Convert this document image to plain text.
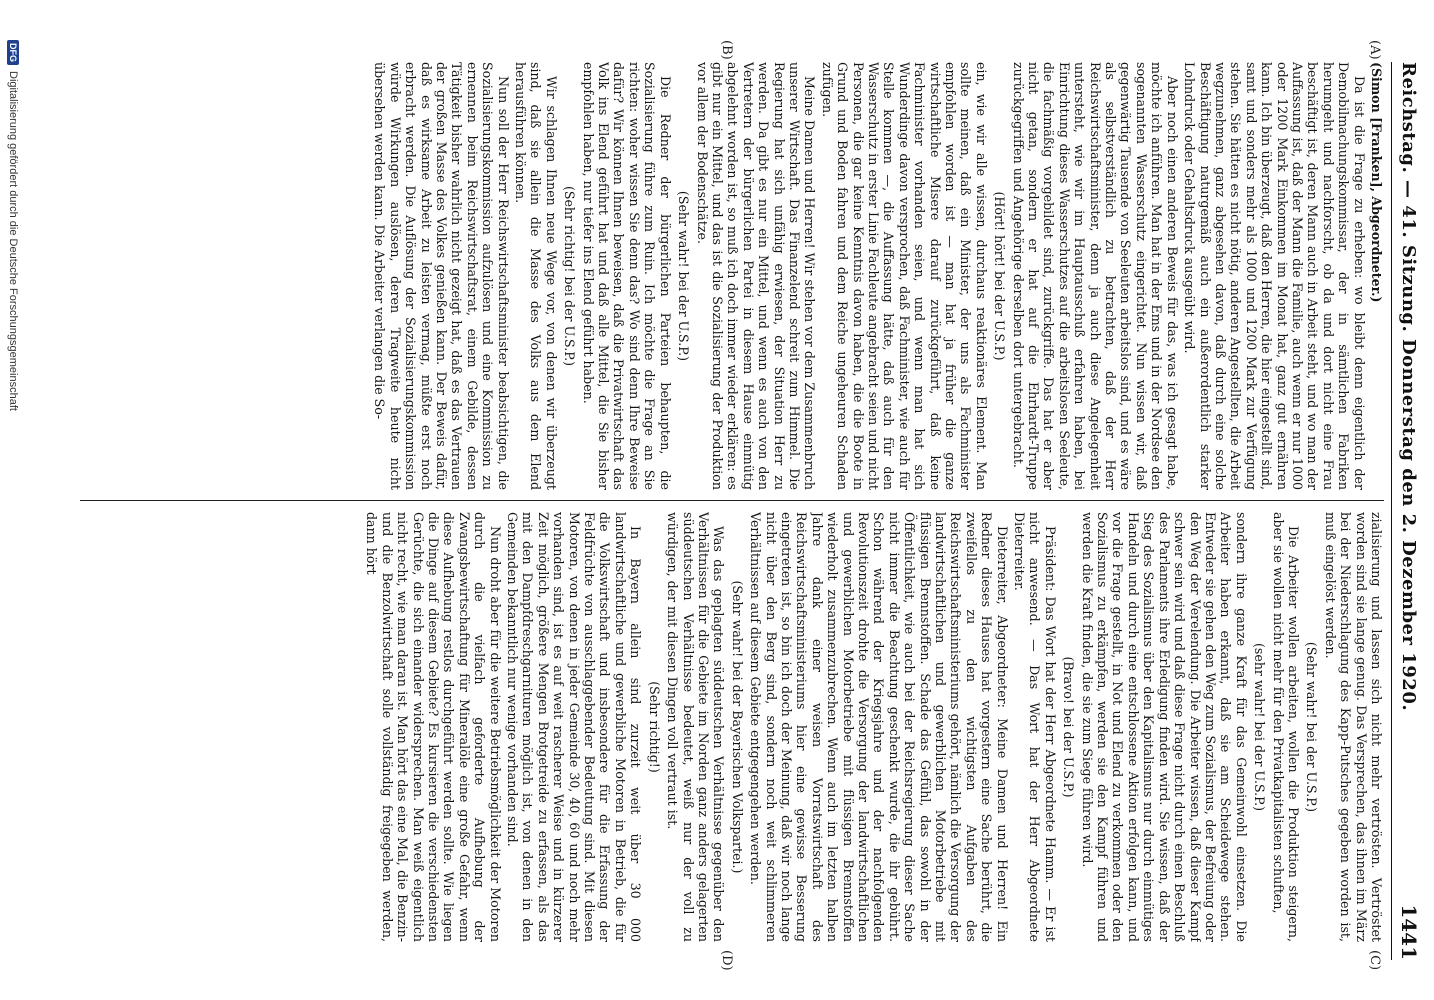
Reichstag. — 41. Sitzung. Donnerstag den 2. Dezember 1920.
1441
(A)
(B)
(C)
(D)

(Simon [Franken], Abgeordneter.)

Da ist die Frage zu erheben: wo bleibt denn eigentlich der Demobilmachungskommissar, der in sämtlichen Fabriken herumgeht und nachforscht, ob da und dort nicht eine Frau beschäftigt ist, deren Mann auch in Arbeit steht, und wo man der Auffassung ist, daß der Mann die Familie, auch wenn er nur 1000 oder 1200 Mark Einkommen im Monat hat, ganz gut ernähren kann. Ich bin überzeugt, daß den Herren, die hier eingestellt sind, samt und sonders mehr als 1000 und 1200 Mark zur Verfügung stehen. Sie hätten es nicht nötig, anderen Angestellten, die Arbeit wegzunehmen, ganz abgesehen davon, daß durch eine solche Beschäftigung naturgemäß auch ein außerordentlich starker Lohndruck oder Gehaltsdruck ausgeübt wird.

Aber noch einen anderen Beweis für das, was ich gesagt habe, möchte ich anführen. Man hat in der Ems und in der Nordsee den sogenannten Wasserschutz eingerichtet. Nun wissen wir, daß gegenwärtig Tausende von Seeleuten arbeitslos sind, und es wäre als selbstverständlich zu betrachten, daß der Herr Reichswirtschaftsminister, denn ja auch diese Angelegenheit untersteht, wie wir im Hauptausschuß erfahren haben, bei Einrichtung dieses Wasserschutzes auf die arbeitslosen Seeleute, die fachmäßig vorgebildet sind, zurückgriffe. Das hat er aber nicht getan, sondern er hat auf die Ehrhardt-Truppe zurückgegriffen und Angehörige derselben dort untergebracht.

(Hört! hört! bei der U.S.P.)

ein, wie wir alle wissen, durchaus reaktionäres Element. Man sollte meinen, daß ein Minister, der uns als Fachminister empfohlen worden ist — man hat ja früher die ganze wirtschaftliche Misere darauf zurückgeführt, daß keine Fachminister vorhanden seien, und wenn man hat sich Wunderdinge davon versprochen, daß Fachminister, wie auch für Stelle kommen —, die Auffassung hätte, daß auch für den Wasserschutz in erster Linie Fachleute angebracht seien und nicht Personen, die gar keine Kenntnis davon haben, die die Boote in Grund und Boden fahren und dem Reiche ungeheuren Schaden zufügen.

Meine Damen und Herren! Wir stehen vor dem Zusammenbruch unserer Wirtschaft. Das Finanzelend schreit zum Himmel. Die Regierung hat sich unfähig erwiesen, der Situation Herr zu werden. Da gibt es nur ein Mittel, und wenn es auch von den Vertretern der bürgerlichen Partei in diesem Hause einmütig abgelehnt worden ist, so muß ich doch immer wieder erklären: es gibt nur ein Mittel, und das ist die Sozialisierung der Produktion vor allem der Bodenschätze.

(Sehr wahr! bei der U.S.P.)

Die Redner der bürgerlichen Parteien behaupten, die Sozialisierung führe zum Ruin. Ich möchte die Frage an Sie richten: woher wissen Sie denn das? Wo sind denn Ihre Beweise dafür? Wir können Ihnen beweisen, daß die Privatwirtschaft das Volk ins Elend geführt hat und daß alle Mittel, die Sie bisher empfohlen haben, nur tiefer ins Elend geführt haben.

(Sehr richtig! bei der U.S.P.)

Wir schlagen Ihnen neue Wege vor, von denen wir überzeugt sind, daß sie allein die Masse des Volks aus dem Elend herausführen können.

Nun soll der Herr Reichswirtschaftsminister beabsichtigen, die Sozialisierungskommission aufzulösen und eine Kommission zu ernennen beim Reichswirtschaftsrat, einem Gebilde, dessen Tätigkeit bisher wahrlich nicht gezeigt hat, daß es das Vertrauen der großen Masse des Volkes genießen kann. Der Beweis dafür, daß es wirksame Arbeit zu leisten vermag, müßte erst noch erbracht werden. Die Auflösung der Sozialisierungskommission würde Wirkungen auslösen, deren Tragweite heute nicht übersehen werden kann. Die Arbeiter verlangen die So-

zialisierung und lassen sich nicht mehr vertrösten. Vertröstet worden sind sie lange genug. Das Versprechen, das ihnen im März bei der Niederschlagung des Kapp-Putsches gegeben worden ist, muß eingelöst werden.

(Sehr wahr! bei der U.S.P.)

Die Arbeiter wollen arbeiten, wollen die Produktion steigern, aber sie wollen nicht mehr für den Privatkapitalisten schuften,

(sehr wahr! bei der U.S.P.)

sondern ihre ganze Kraft für das Gemeinwohl einsetzen. Die Arbeiter haben erkannt, daß sie am Scheidewege stehen. Entweder sie gehen den Weg zum Sozialismus, der Befreiung oder den Weg der Verelendung. Die Arbeiter wissen, daß dieser Kampf schwer sein wird und daß diese Frage nicht durch einen Beschluß des Parlaments ihre Erledigung finden wird. Sie wissen, daß der Sieg des Sozialismus über den Kapitalismus nur durch einmütiges Handeln und durch eine entschlossene Aktion erfolgen kann, und vor die Frage gestellt, in Not und Elend zu verkommen oder den Sozialismus zu erkämpfen, werden sie den Kampf führen und werden die Kraft finden, die sie zum Siege führen wird.

(Bravo! bei der U.S.P.)

Präsident: Das Wort hat der Herr Abgeordnete Hamm. — Er ist nicht anwesend. — Das Wort hat der Herr Abgeordnete Dieterreiter.

Dieterreiter, Abgeordneter: Meine Damen und Herren! Ein Redner dieses Hauses hat vorgestern eine Sache berührt, die zweifellos zu den wichtigsten Aufgaben des Reichswirtschaftsministeriums gehört, nämlich die Versorgung der landwirtschaftlichen und gewerblichen Motorbetriebe mit flüssigen Brennstoffen. Schade das Gefühl, das sowohl in der Öffentlichkeit, wie auch bei der Reichsregierung dieser Sache nicht immer die Beachtung geschenkt wurde, die ihr gebührt. Schon während der Kriegsjahre und der nachfolgenden Revolutionszeit drohte die Versorgung der landwirtschaftlichen und gewerblichen Motorbetriebe mit flüssigen Brennstoffen wiederholt zusammenzubrechen. Wenn auch im letzten halben Jahre dank einer weisen Vorratswirtschaft des Reichswirtschaftsministeriums hier eine gewisse Besserung eingetreten ist, so bin ich doch der Meinung, daß wir noch lange nicht über den Berg sind, sondern noch weit schlimmeren Verhältnissen auf diesem Gebiete entgegengehen werden.

(Sehr wahr! bei der Bayerischen Volkspartei.)

Was das geplagten süddeutschen Verhältnisse gegenüber den Verhältnissen für die Gebiete im Norden ganz anders gelagerten süddeutschen Verhältnisse bedeutet, weiß nur der voll zu würdigen, der mit diesen Dingen voll vertraut ist.

(Sehr richtig!)

In Bayern allein sind zurzeit weit über 30 000 landwirtschaftliche und gewerbliche Motoren in Betrieb, die für die Volkswirtschaft und insbesondere für die Erfassung der Feldfrüchte von ausschlaggebender Bedeutung sind. Mit diesen Motoren, von denen in jeder Gemeinde 30, 40, 60 und noch mehr vorhanden sind, ist es auf weit rascherer Weise und in kürzerer Zeit möglich, größere Mengen Brotgetreide zu erfassen, als das mit den Dampfdreschgarnituren möglich ist, von denen in den Gemeinden bekanntlich nur wenige vorhanden sind.

Nun droht aber für die weitere Betriebsmöglichkeit der Motoren durch die vielfach geforderte Aufhebung der Zwangsbewirtschaftung für Mineralöle eine große Gefahr, wenn diese Aufhebung restlos durchgeführt werden sollte. Wie liegen die Dinge auf diesem Gebiete? Es kursieren die verschiedensten Gerüchte, die sich einander widersprechen. Man weiß eigentlich nicht recht, wie man daran ist. Man hört das eine Mal, die Benzin- und die Benzolwirtschaft solle vollständig freigegeben werden, dann hört

DFG
Digitalisierung gefördert durch die Deutsche Forschungsgemeinschaft
